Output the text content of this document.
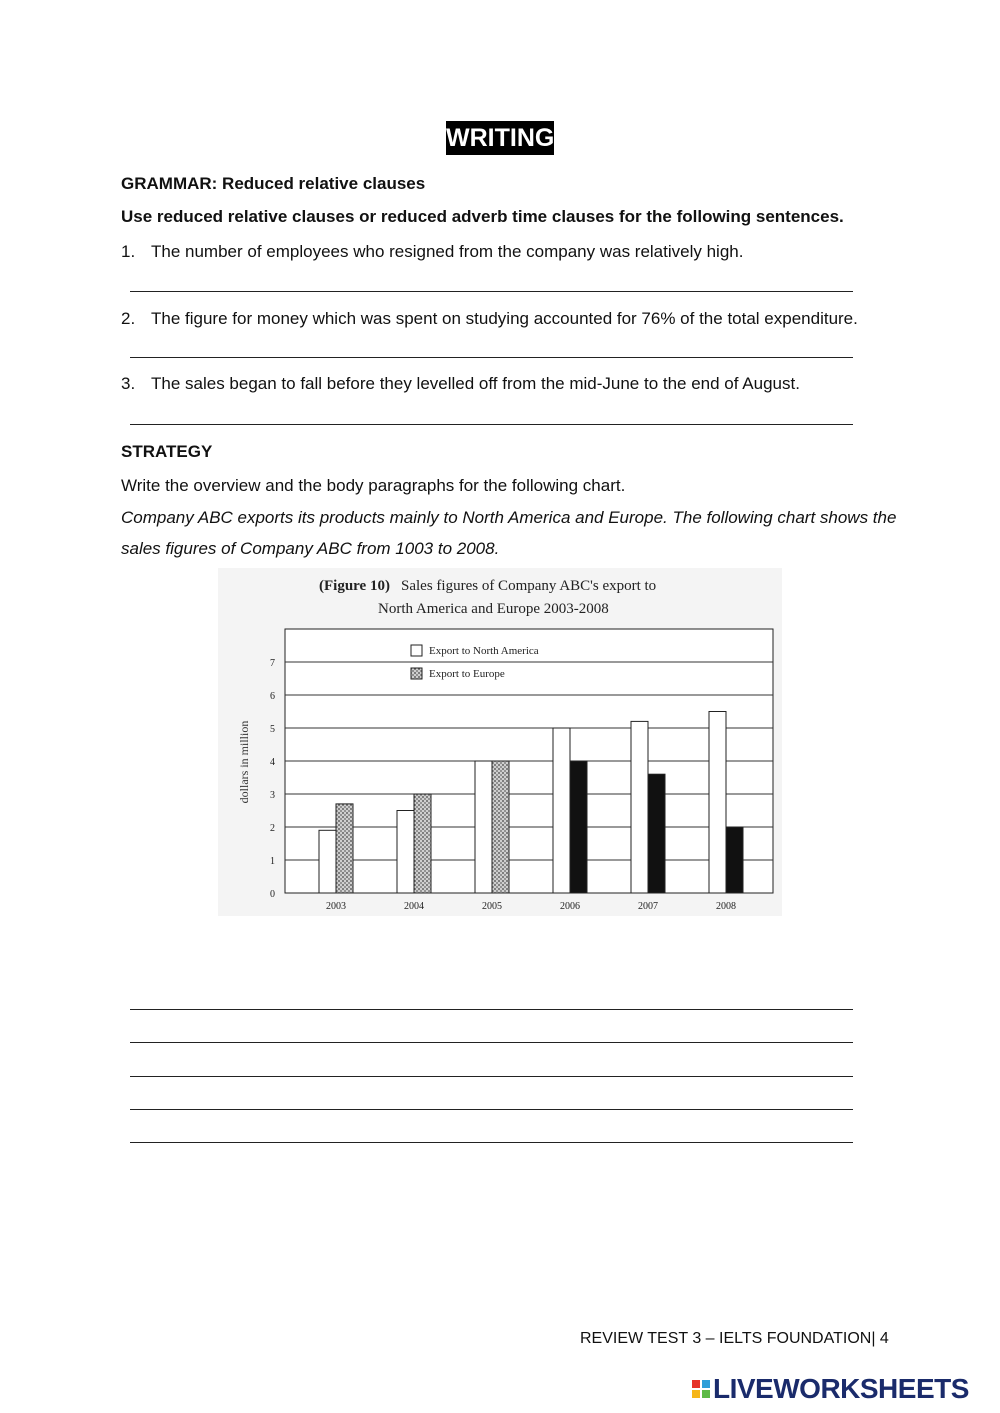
WRITING
GRAMMAR: Reduced relative clauses
Use reduced relative clauses or reduced adverb time clauses for the following sentences.
1. The number of employees who resigned from the company was relatively high.
2. The figure for money which was spent on studying accounted for 76% of the total expenditure.
3. The sales began to fall before they levelled off from the mid-June to the end of August.
STRATEGY
Write the overview and the body paragraphs for the following chart.
Company ABC exports its products mainly to North America and Europe. The following chart shows the
sales figures of Company ABC from 1003 to 2008.
(Figure 10) Sales figures of Company ABC's export to
North America and Europe 2003-2008
0
1
2
3
4
5
6
7
2003	2004	2005	2006	2007	2008
dollars in million
Export to North America
Export to Europe
REVIEW TEST 3 – IELTS FOUNDATION| 4
LIVEWORKSHEETS
